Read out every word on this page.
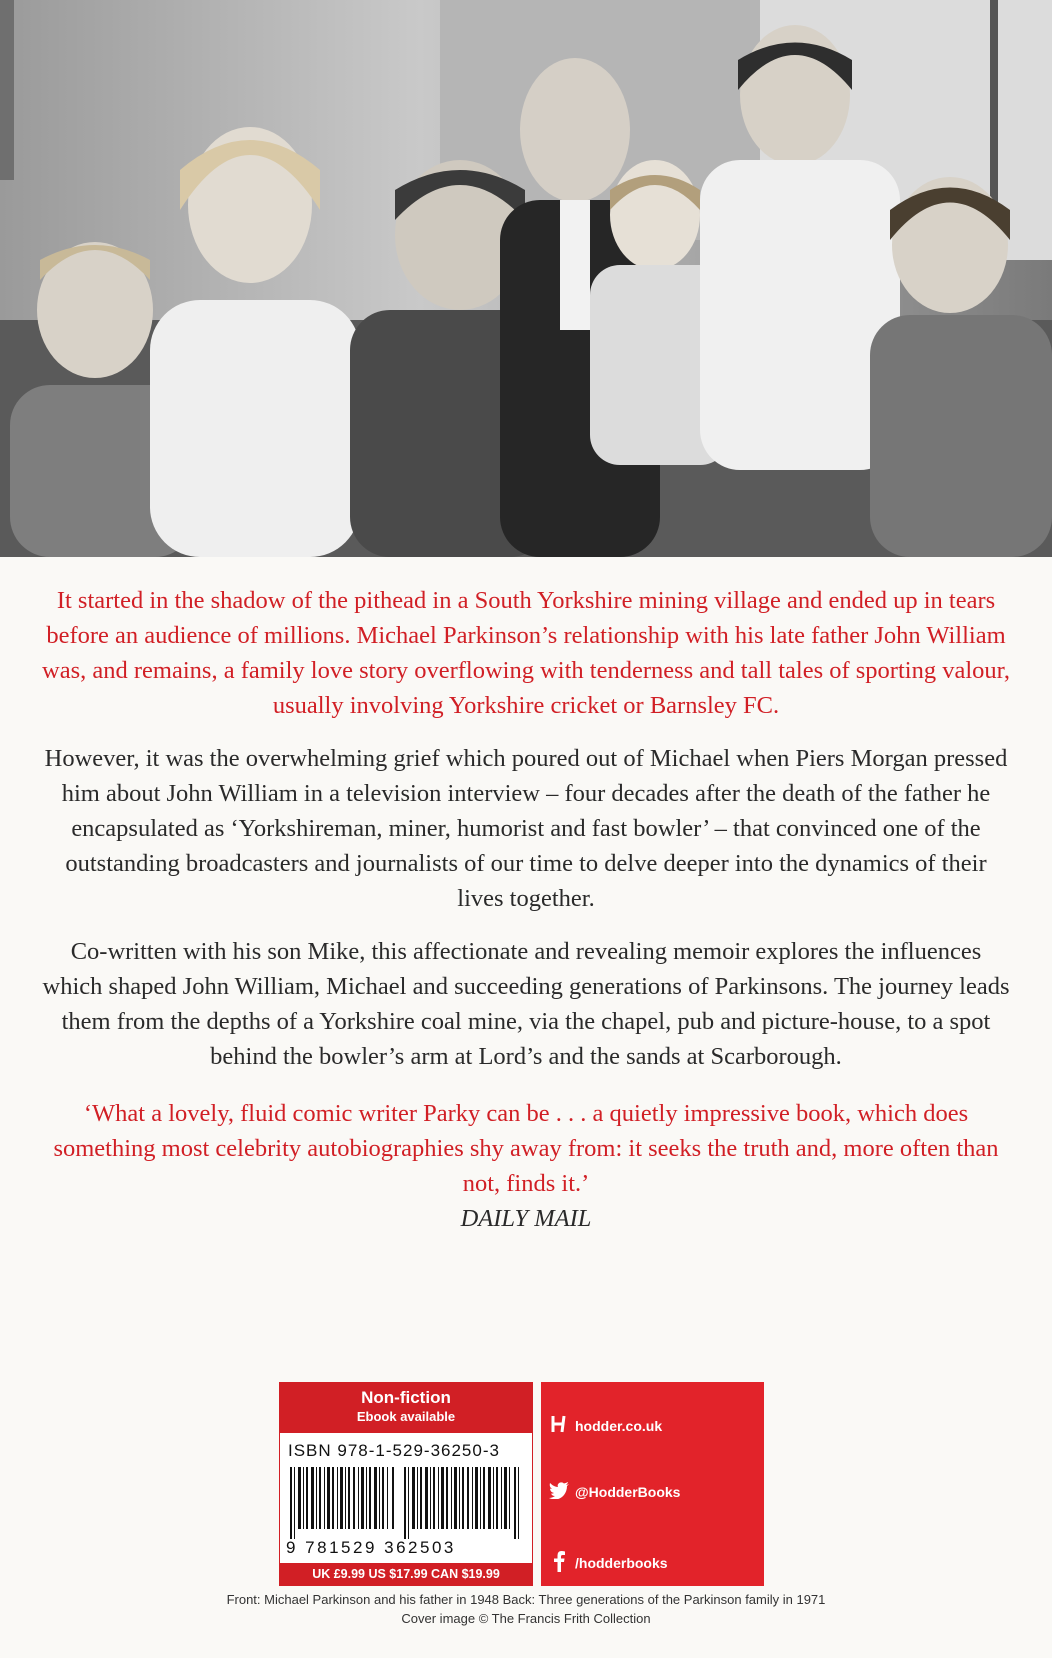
It started in the shadow of the pithead in a South Yorkshire mining village and ended up in tears before an audience of millions. Michael Parkinson’s relationship with his late father John William was, and remains, a family love story overflowing with tenderness and tall tales of sporting valour, usually involving Yorkshire cricket or Barnsley FC.

However, it was the overwhelming grief which poured out of Michael when Piers Morgan pressed him about John William in a television interview – four decades after the death of the father he encapsulated as ‘Yorkshireman, miner, humorist and fast bowler’ – that convinced one of the outstanding broadcasters and journalists of our time to delve deeper into the dynamics of their lives together.

Co-written with his son Mike, this affectionate and revealing memoir explores the influences which shaped John William, Michael and succeeding generations of Parkinsons. The journey leads them from the depths of a Yorkshire coal mine, via the chapel, pub and picture-house, to a spot behind the bowler’s arm at Lord’s and the sands at Scarborough.

‘What a lovely, fluid comic writer Parky can be . . . a quietly impressive book, which does something most celebrity autobiographies shy away from: it seeks the truth and, more often than not, finds it.’

DAILY MAIL

Non-fiction
Ebook available
ISBN 978-1-529-36250-3
9 781529 362503
UK £9.99 US $17.99 CAN $19.99
hodder.co.uk
@HodderBooks
/hodderbooks
Front: Michael Parkinson and his father in 1948 Back: Three generations of the Parkinson family in 1971
Cover image © The Francis Frith Collection
